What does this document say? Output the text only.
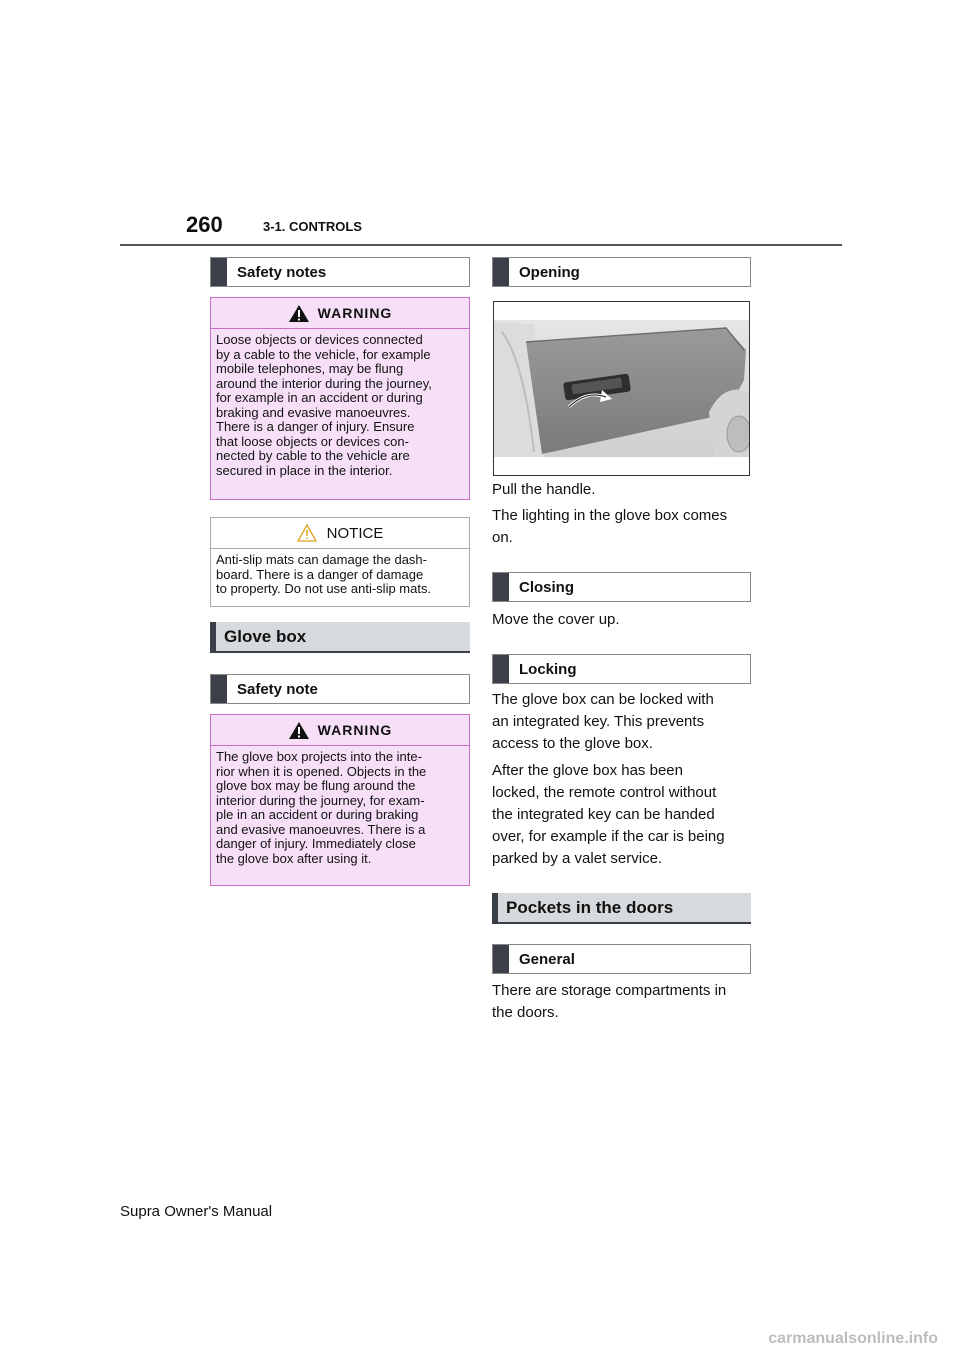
260	3-1. CONTROLS
Safety notes
WARNING
Loose objects or devices connected
by a cable to the vehicle, for example
mobile telephones, may be flung
around the interior during the journey,
for example in an accident or during
braking and evasive manoeuvres.
There is a danger of injury. Ensure
that loose objects or devices con-
nected by cable to the vehicle are
secured in place in the interior.
NOTICE
Anti-slip mats can damage the dash-
board. There is a danger of damage
to property. Do not use anti-slip mats.
Glove box
Safety note
WARNING
The glove box projects into the inte-
rior when it is opened. Objects in the
glove box may be flung around the
interior during the journey, for exam-
ple in an accident or during braking
and evasive manoeuvres. There is a
danger of injury. Immediately close
the glove box after using it.
Opening

Pull the handle.

The lighting in the glove box comes
on.
Closing

Move the cover up.

Locking
The glove box can be locked with
an integrated key. This prevents
access to the glove box.
After the glove box has been
locked, the remote control without
the integrated key can be handed
over, for example if the car is being
parked by a valet service.
Pockets in the doors
General
There are storage compartments in
the doors.
Supra Owner's Manual
carmanualsonline.info
